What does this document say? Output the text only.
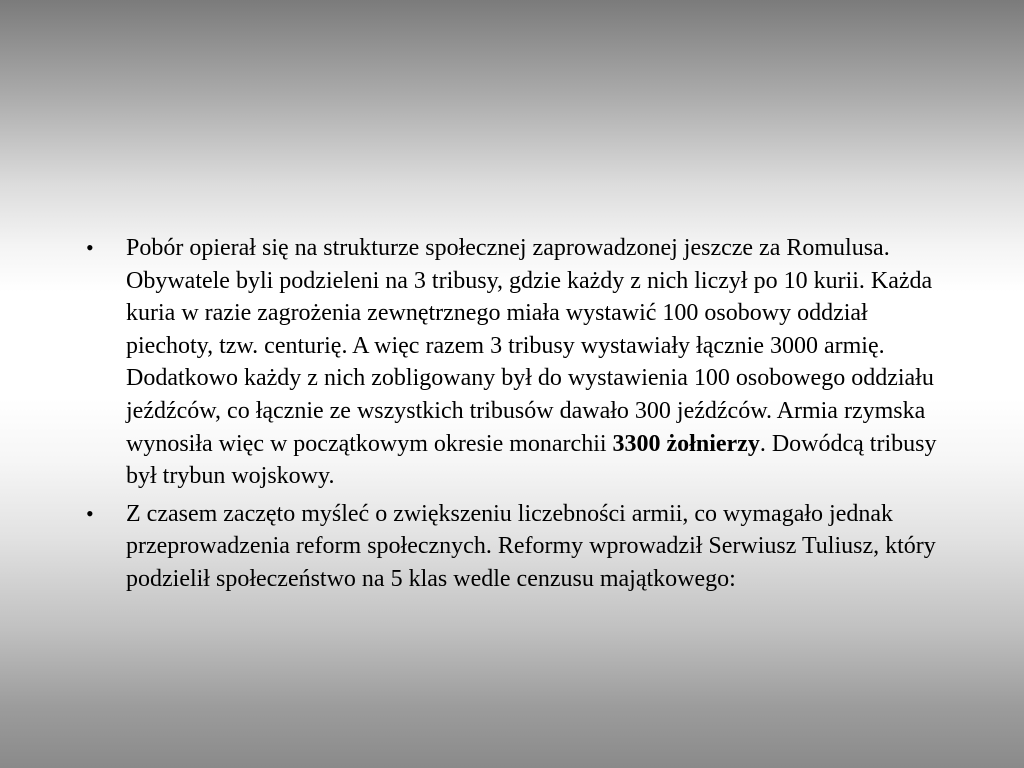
• Pobór opierał się na strukturze społecznej zaprowadzonej jeszcze za Romulusa. Obywatele byli podzieleni na 3 tribusy, gdzie każdy z nich liczył po 10 kurii. Każda kuria w razie zagrożenia zewnętrznego miała wystawić 100 osobowy oddział piechoty, tzw. centurię. A więc razem 3 tribusy wystawiały łącznie 3000 armię. Dodatkowo każdy z nich zobligowany był do wystawienia 100 osobowego oddziału jeźdźców, co łącznie ze wszystkich tribusów dawało 300 jeźdźców. Armia rzymska wynosiła więc w początkowym okresie monarchii 3300 żołnierzy. Dowódcą tribusy był trybun wojskowy.
• Z czasem zaczęto myśleć o zwiększeniu liczebności armii, co wymagało jednak przeprowadzenia reform społecznych. Reformy wprowadził Serwiusz Tuliusz, który podzielił społeczeństwo na 5 klas wedle cenzusu majątkowego:
